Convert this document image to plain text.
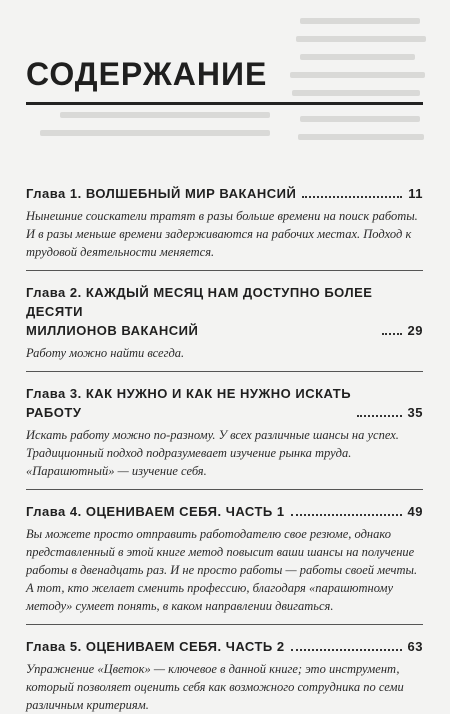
СОДЕРЖАНИЕ
Глава 1. ВОЛШЕБНЫЙ МИР ВАКАНСИЙ	11

Нынешние соискатели тратят в разы больше времени на поиск работы. И в разы меньше времени задерживаются на рабочих местах. Подход к трудовой деятельности меняется.

Глава 2. КАЖДЫЙ МЕСЯЦ НАМ ДОСТУПНО БОЛЕЕ ДЕСЯТИ
МИЛЛИОНОВ ВАКАНСИЙ	29

Работу можно найти всегда.

Глава 3. КАК НУЖНО И КАК НЕ НУЖНО ИСКАТЬ
РАБОТУ	35

Искать работу можно по-разному. У всех различные шансы на успех. Традиционный подход подразумевает изучение рынка труда. «Парашютный» — изучение себя.

Глава 4. ОЦЕНИВАЕМ СЕБЯ. ЧАСТЬ 1	49

Вы можете просто отправить работодателю свое резюме, однако представленный в этой книге метод повысит ваши шансы на получение работы в двенадцать раз. И не просто работы — работы своей мечты. А тот, кто желает сменить профессию, благодаря «парашютному методу» сумеет понять, в каком направлении двигаться.

Глава 5. ОЦЕНИВАЕМ СЕБЯ. ЧАСТЬ 2	63

Упражнение «Цветок» — ключевое в данной книге; это инструмент, который позволяет оценить себя как возможного сотрудника по семи различным критериям.
